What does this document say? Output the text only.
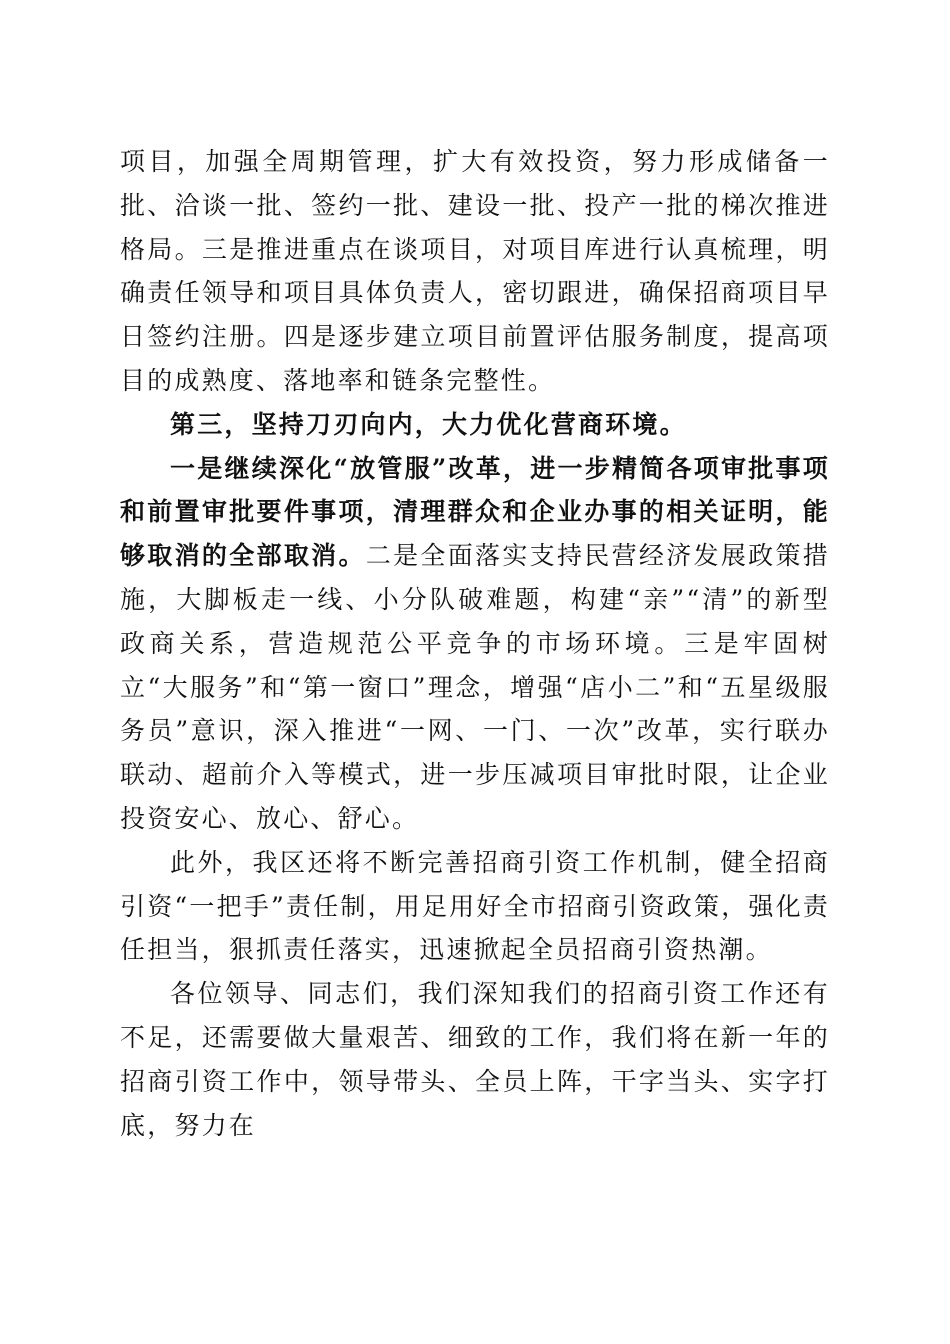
项目，加强全周期管理，扩大有效投资，努力形成储备一批、洽谈一批、签约一批、建设一批、投产一批的梯次推进格局。三是推进重点在谈项目，对项目库进行认真梳理，明确责任领导和项目具体负责人，密切跟进，确保招商项目早日签约注册。四是逐步建立项目前置评估服务制度，提高项目的成熟度、落地率和链条完整性。

第三，坚持刀刃向内，大力优化营商环境。

一是继续深化“放管服”改革，进一步精简各项审批事项和前置审批要件事项，清理群众和企业办事的相关证明，能够取消的全部取消。二是全面落实支持民营经济发展政策措施，大脚板走一线、小分队破难题，构建“亲”“清”的新型政商关系，营造规范公平竞争的市场环境。三是牢固树立“大服务”和“第一窗口”理念，增强“店小二”和“五星级服务员”意识，深入推进“一网、一门、一次”改革，实行联办联动、超前介入等模式，进一步压减项目审批时限，让企业投资安心、放心、舒心。

此外，我区还将不断完善招商引资工作机制，健全招商引资“一把手”责任制，用足用好全市招商引资政策，强化责任担当，狠抓责任落实，迅速掀起全员招商引资热潮。

各位领导、同志们，我们深知我们的招商引资工作还有不足，还需要做大量艰苦、细致的工作，我们将在新一年的招商引资工作中，领导带头、全员上阵，干字当头、实字打底，努力在
